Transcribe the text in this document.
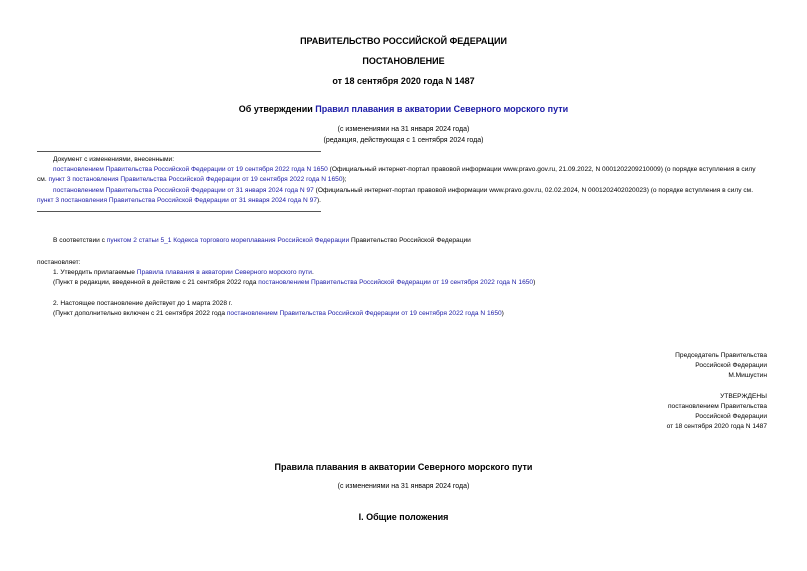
ПРАВИТЕЛЬСТВО РОССИЙСКОЙ ФЕДЕРАЦИИ
ПОСТАНОВЛЕНИЕ
от 18 сентября 2020 года N 1487
Об утверждении Правил плавания в акватории Северного морского пути
(с изменениями на 31 января 2024 года)
(редакция, действующая с 1 сентября 2024 года)
Документ с изменениями, внесенными:
постановлением Правительства Российской Федерации от 19 сентября 2022 года N 1650 (Официальный интернет-портал правовой информации www.pravo.gov.ru, 21.09.2022, N 0001202209210009) (о порядке вступления в силу см. пункт 3 постановления Правительства Российской Федерации от 19 сентября 2022 года N 1650);
постановлением Правительства Российской Федерации от 31 января 2024 года N 97 (Официальный интернет-портал правовой информации www.pravo.gov.ru, 02.02.2024, N 0001202402020023) (о порядке вступления в силу см. пункт 3 постановления Правительства Российской Федерации от 31 января 2024 года N 97).
В соответствии с пунктом 2 статьи 5_1 Кодекса торгового мореплавания Российской Федерации Правительство Российской Федерации
постановляет:
1. Утвердить прилагаемые Правила плавания в акватории Северного морского пути.
(Пункт в редакции, введенной в действие с 21 сентября 2022 года постановлением Правительства Российской Федерации от 19 сентября 2022 года N 1650)
2. Настоящее постановление действует до 1 марта 2028 г.
(Пункт дополнительно включен с 21 сентября 2022 года постановлением Правительства Российской Федерации от 19 сентября 2022 года N 1650)
Председатель Правительства
Российской Федерации
М.Мишустин
УТВЕРЖДЕНЫ
постановлением Правительства
Российской Федерации
от 18 сентября 2020 года N 1487
Правила плавания в акватории Северного морского пути
(с изменениями на 31 января 2024 года)
I. Общие положения
